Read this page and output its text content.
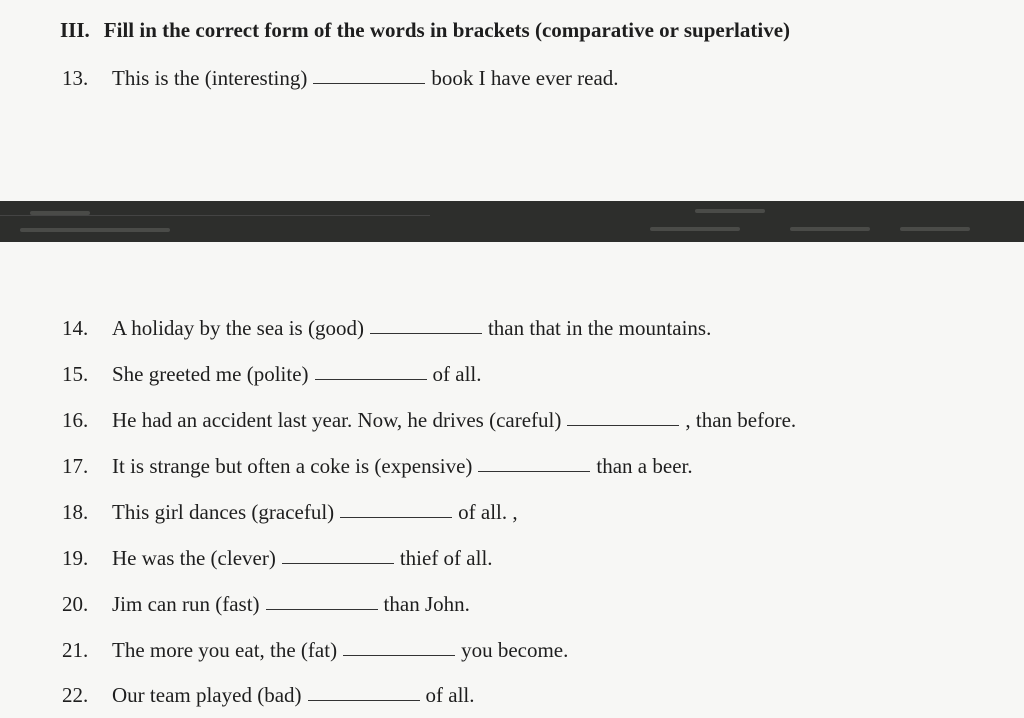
III. Fill in the correct form of the words in brackets (comparative or superlative)
13. This is the (interesting)	book I have ever read.
14. A holiday by the sea is (good)	than that in the mountains.
15. She greeted me (polite)	of all.
16. He had an accident last year. Now, he drives (careful)	, than before.
17. It is strange but often a coke is (expensive)	than a beer.
18. This girl dances (graceful)	of all. ,
19. He was the (clever)	thief of all.
20. Jim can run (fast)	than John.
21. The more you eat, the (fat)	you become.
22. Our team played (bad)	of all.
